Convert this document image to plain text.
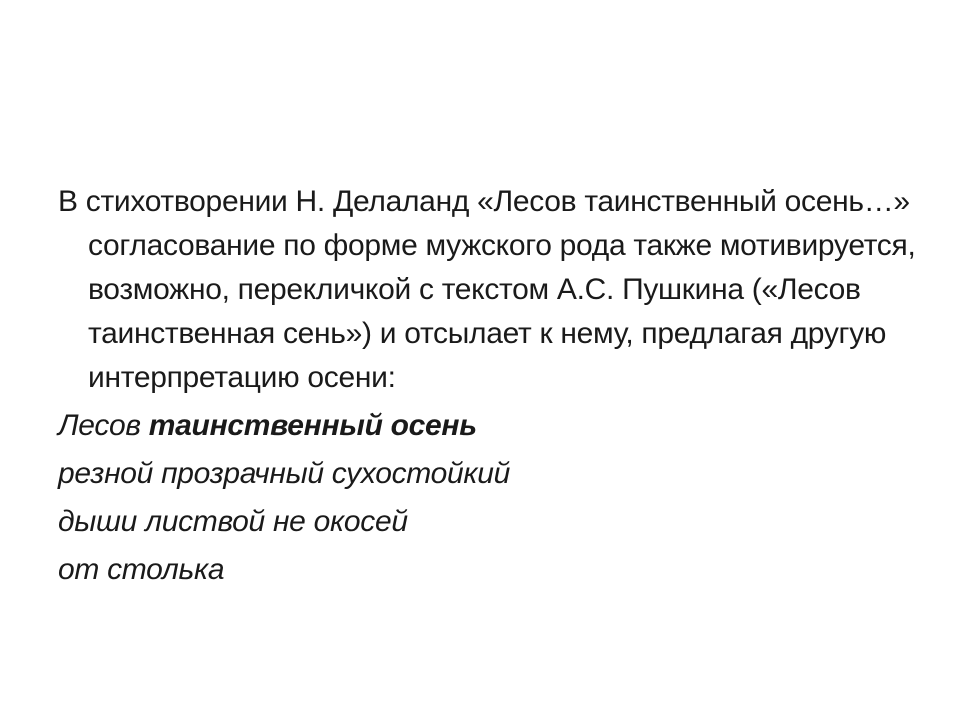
В стихотворении Н. Делаланд «Лесов таинственный осень…» согласование по форме мужского рода также мотивируется, возможно, перекличкой с текстом А.С. Пушкина («Лесов таинственная сень») и отсылает к нему, предлагая другую интерпретацию осени:

Лесов таинственный осень
резной прозрачный сухостойкий
дыши листвой не окосей
от столька
